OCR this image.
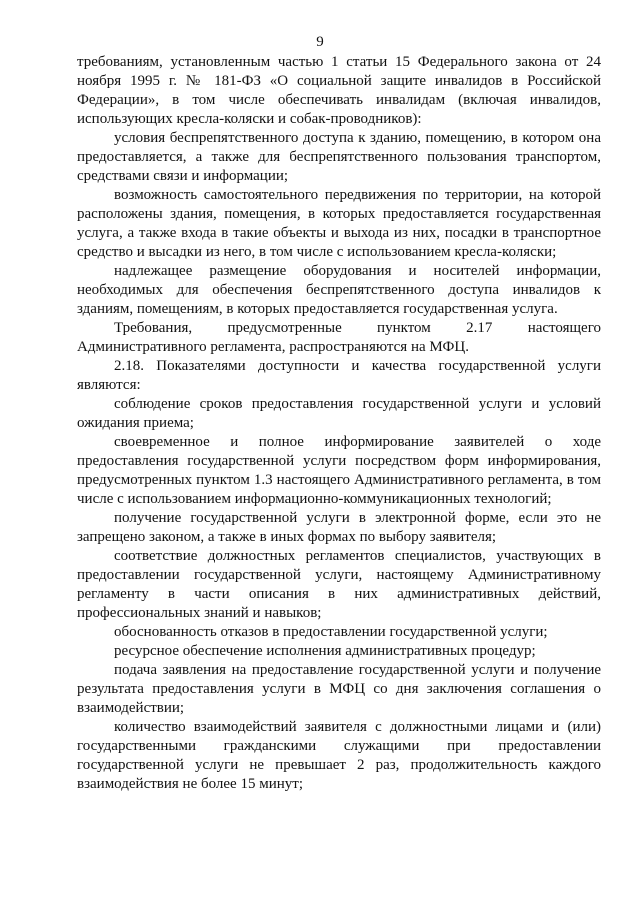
9

требованиям, установленным частью 1 статьи 15 Федерального закона от 24 ноября 1995 г. № 181-ФЗ «О социальной защите инвалидов в Российской Федерации», в том числе обеспечивать инвалидам (включая инвалидов, использующих кресла-коляски и собак-проводников):

условия беспрепятственного доступа к зданию, помещению, в котором она предоставляется, а также для беспрепятственного пользования транспортом, средствами связи и информации;

возможность самостоятельного передвижения по территории, на которой расположены здания, помещения, в которых предоставляется государственная услуга, а также входа в такие объекты и выхода из них, посадки в транспортное средство и высадки из него, в том числе с использованием кресла-коляски;

надлежащее размещение оборудования и носителей информации, необходимых для обеспечения беспрепятственного доступа инвалидов к зданиям, помещениям, в которых предоставляется государственная услуга.

Требования, предусмотренные пунктом 2.17 настоящего Административного регламента, распространяются на МФЦ.

2.18. Показателями доступности и качества государственной услуги являются:

соблюдение сроков предоставления государственной услуги и условий ожидания приема;

своевременное и полное информирование заявителей о ходе предоставления государственной услуги посредством форм информирования, предусмотренных пунктом 1.3 настоящего Административного регламента, в том числе с использованием информационно-коммуникационных технологий;

получение государственной услуги в электронной форме, если это не запрещено законом, а также в иных формах по выбору заявителя;

соответствие должностных регламентов специалистов, участвующих в предоставлении государственной услуги, настоящему Административному регламенту в части описания в них административных действий, профессиональных знаний и навыков;

обоснованность отказов в предоставлении государственной услуги;

ресурсное обеспечение исполнения административных процедур;

подача заявления на предоставление государственной услуги и получение результата предоставления услуги в МФЦ со дня заключения соглашения о взаимодействии;

количество взаимодействий заявителя с должностными лицами и (или) государственными гражданскими служащими при предоставлении государственной услуги не превышает 2 раз, продолжительность каждого взаимодействия не более 15 минут;
